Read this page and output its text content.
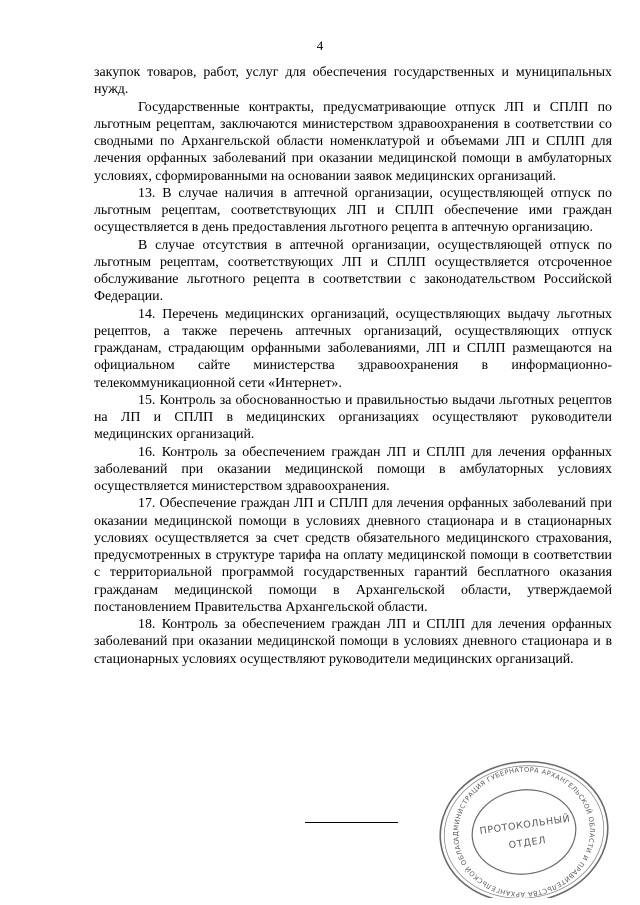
4

закупок товаров, работ, услуг для обеспечения государственных и муниципальных нужд.

Государственные контракты, предусматривающие отпуск ЛП и СПЛП по льготным рецептам, заключаются министерством здравоохранения в соответствии со сводными по Архангельской области номенклатурой и объемами ЛП и СПЛП для лечения орфанных заболеваний при оказании медицинской помощи в амбулаторных условиях, сформированными на основании заявок медицинских организаций.

13. В случае наличия в аптечной организации, осуществляющей отпуск по льготным рецептам, соответствующих ЛП и СПЛП обеспечение ими граждан осуществляется в день предоставления льготного рецепта в аптечную организацию.

В случае отсутствия в аптечной организации, осуществляющей отпуск по льготным рецептам, соответствующих ЛП и СПЛП осуществляется отсроченное обслуживание льготного рецепта в соответствии с законодательством Российской Федерации.

14. Перечень медицинских организаций, осуществляющих выдачу льготных рецептов, а также перечень аптечных организаций, осуществляющих отпуск гражданам, страдающим орфанными заболеваниями, ЛП и СПЛП размещаются на официальном сайте министерства здравоохранения в информационно-телекоммуникационной сети «Интернет».

15. Контроль за обоснованностью и правильностью выдачи льготных рецептов на ЛП и СПЛП в медицинских организациях осуществляют руководители медицинских организаций.

16. Контроль за обеспечением граждан ЛП и СПЛП для лечения орфанных заболеваний при оказании медицинской помощи в амбулаторных условиях осуществляется министерством здравоохранения.

17. Обеспечение граждан ЛП и СПЛП для лечения орфанных заболеваний при оказании медицинской помощи в условиях дневного стационара и в стационарных условиях осуществляется за счет средств обязательного медицинского страхования, предусмотренных в структуре тарифа на оплату медицинской помощи в соответствии с территориальной программой государственных гарантий бесплатного оказания гражданам медицинской помощи в Архангельской области, утверждаемой постановлением Правительства Архангельской области.

18. Контроль за обеспечением граждан ЛП и СПЛП для лечения орфанных заболеваний при оказании медицинской помощи в условиях дневного стационара и в стационарных условиях осуществляют руководители медицинских организаций.

АДМИНИСТРАЦИЯ ГУБЕРНАТОРА АРХАНГЕЛЬСКОЙ ОБЛАСТИ И ПРАВИТЕЛЬСТВА АРХАНГЕЛЬСКОЙ ОБЛАСТИ
ПРОТОКОЛЬНЫЙ
ОТДЕЛ
